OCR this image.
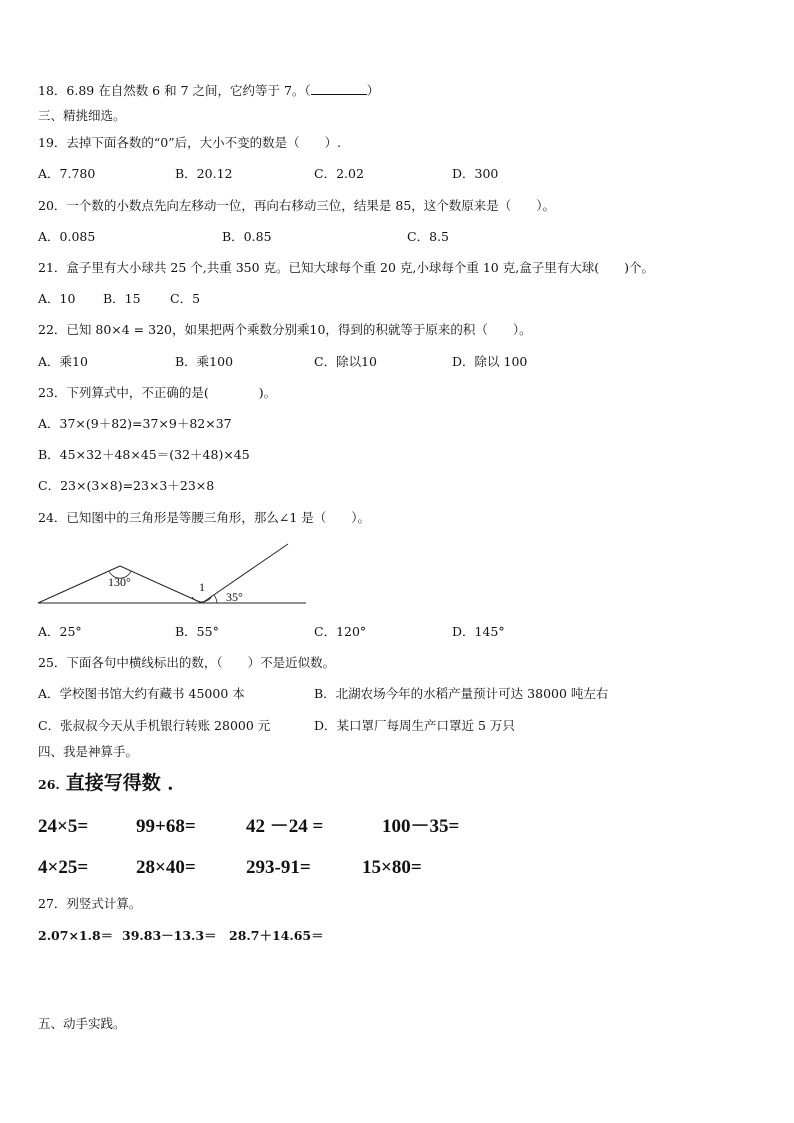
18．6.89 在自然数 6 和 7 之间，它约等于 7。（	）
三、精挑细选。
19．去掉下面各数的“0”后，大小不变的数是（　　）.
A．7.780	B．20.12	C．2.02	D．300
20．一个数的小数点先向左移动一位，再向右移动三位，结果是 85，这个数原来是（　　）。
A．0.085	B．0.85	C．8.5
21．盒子里有大小球共 25 个,共重 350 克。已知大球每个重 20 克,小球每个重 10 克,盒子里有大球(　　)个。
A．10 B．15 C．5
22．已知 80×4 = 320，如果把两个乘数分别乘10，得到的积就等于原来的积（　　）。
A．乘10	B．乘100	C．除以10	D．除以 100
23．下列算式中，不正确的是(　　　　)。
A．37×(9＋82)=37×9＋82×37
B．45×32＋48×45＝(32＋48)×45
C．23×(3×8)=23×3＋23×8
24．已知图中的三角形是等腰三角形，那么∠1 是（　　）。
130°	1
35°
A．25°	B．55°	C．120°	D．145°
25．下面各句中横线标出的数，（　　）不是近似数。
A．学校图书馆大约有藏书 45000 本	B．北湖农场今年的水稻产量预计可达 38000 吨左右
C．张叔叔今天从手机银行转账 28000 元	D．某口罩厂每周生产口罩近 5 万只
四、我是神算手。
26. 直接写得数 ．
24×5=	99+68=	42 －24 =	100－35=
4×25=	28×40=	293-91=	15×80=
27．列竖式计算。
2.07×1.8＝ 39.83－13.3＝ 28.7＋14.65＝
五、动手实践。
